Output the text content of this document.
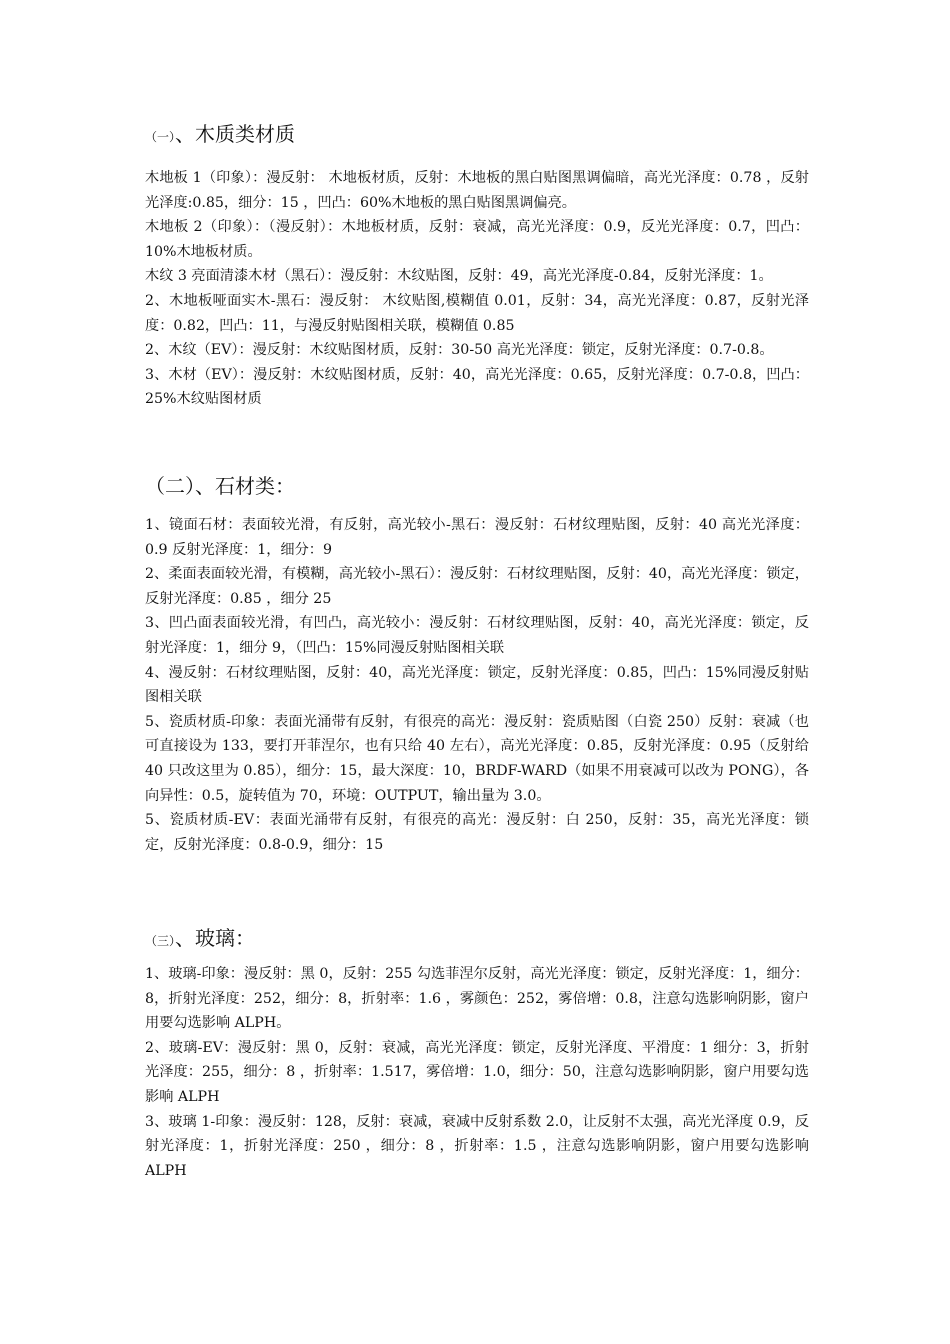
（一）、木质类材质

木地板 1（印象）：漫反射： 木地板材质，反射：木地板的黑白贴图黑调偏暗，高光光泽度：0.78 ，反射光泽度:0.85，细分：15 ，凹凸：60%木地板的黑白贴图黑调偏亮。

木地板 2（印象）：（漫反射）：木地板材质，反射：衰减，高光光泽度：0.9，反光光泽度：0.7，凹凸：10%木地板材质。

木纹 3 亮面清漆木材（黑石）：漫反射：木纹贴图，反射：49，高光光泽度-0.84，反射光泽度：1。

2、木地板哑面实木-黑石：漫反射： 木纹贴图,模糊值 0.01，反射：34，高光光泽度：0.87，反射光泽度：0.82，凹凸：11，与漫反射贴图相关联，模糊值 0.85

2、木纹（EV）：漫反射：木纹贴图材质，反射：30-50 高光光泽度：锁定，反射光泽度：0.7-0.8。

3、木材（EV）：漫反射：木纹贴图材质，反射：40，高光光泽度：0.65，反射光泽度：0.7-0.8，凹凸：25%木纹贴图材质

（二）、石材类：

1、镜面石材：表面较光滑，有反射，高光较小-黑石：漫反射：石材纹理贴图，反射：40 高光光泽度：0.9 反射光泽度：1，细分：9

2、柔面表面较光滑，有模糊，高光较小-黑石）：漫反射：石材纹理贴图，反射：40，高光光泽度：锁定，反射光泽度：0.85 ，细分 25

3、凹凸面表面较光滑，有凹凸，高光较小：漫反射：石材纹理贴图，反射：40，高光光泽度：锁定，反射光泽度：1，细分 9，（凹凸：15%同漫反射贴图相关联

4、漫反射：石材纹理贴图，反射：40，高光光泽度：锁定，反射光泽度：0.85，凹凸：15%同漫反射贴图相关联

5、瓷质材质-印象：表面光涌带有反射，有很亮的高光：漫反射：瓷质贴图（白瓷 250）反射：衰减（也可直接设为 133，要打开菲涅尔，也有只给 40 左右），高光光泽度：0.85，反射光泽度：0.95（反射给 40 只改这里为 0.85），细分：15，最大深度：10，BRDF-WARD（如果不用衰减可以改为 PONG），各向异性：0.5，旋转值为 70，环境：OUTPUT，输出量为 3.0。

5、瓷质材质-EV：表面光涌带有反射，有很亮的高光：漫反射：白 250，反射：35，高光光泽度：锁定，反射光泽度：0.8-0.9，细分：15

（三）、玻璃：

1、玻璃-印象：漫反射：黑 0，反射：255 勾选菲涅尔反射，高光光泽度：锁定，反射光泽度：1，细分：8，折射光泽度：252，细分：8，折射率：1.6 ，雾颜色：252，雾倍增：0.8，注意勾选影响阴影，窗户用要勾选影响 ALPH。

2、玻璃-EV：漫反射：黑 0，反射：衰减，高光光泽度：锁定，反射光泽度、平滑度：1 细分：3，折射光泽度：255，细分：8 ，折射率：1.517，雾倍增：1.0，细分：50，注意勾选影响阴影，窗户用要勾选影响 ALPH

3、玻璃 1-印象：漫反射：128，反射：衰减，衰减中反射系数 2.0，让反射不太强，高光光泽度 0.9，反射光泽度：1，折射光泽度：250 ，细分：8 ，折射率：1.5 ，注意勾选影响阴影，窗户用要勾选影响 ALPH
